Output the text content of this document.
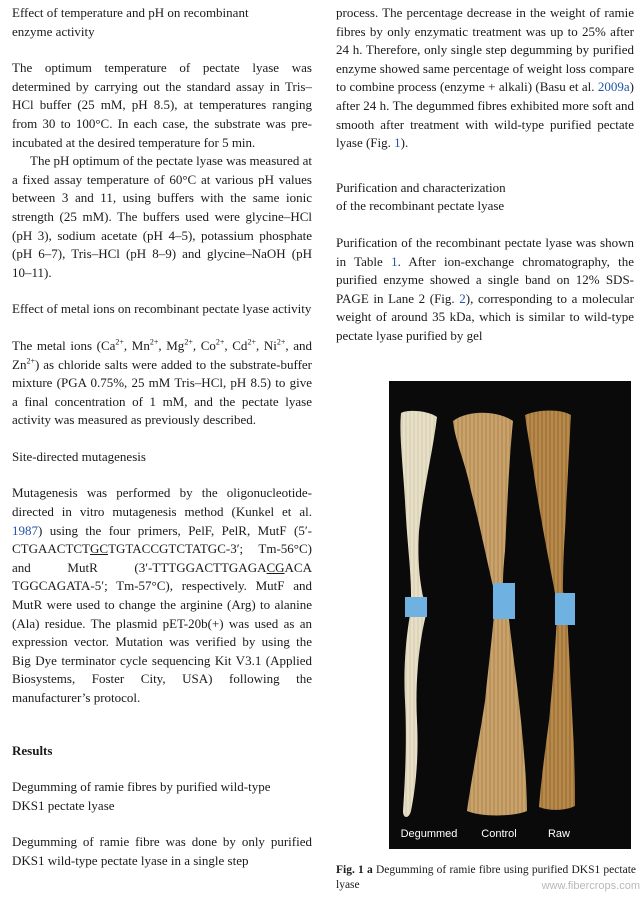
Effect of temperature and pH on recombinant enzyme activity

The optimum temperature of pectate lyase was determined by carrying out the standard assay in Tris–HCl buffer (25 mM, pH 8.5), at temperatures ranging from 30 to 100°C. In each case, the substrate was pre-incubated at the desired temperature for 5 min.

The pH optimum of the pectate lyase was measured at a fixed assay temperature of 60°C at various pH values between 3 and 11, using buffers with the same ionic strength (25 mM). The buffers used were glycine–HCl (pH 3), sodium acetate (pH 4–5), potassium phosphate (pH 6–7), Tris–HCl (pH 8–9) and glycine–NaOH (pH 10–11).

Effect of metal ions on recombinant pectate lyase activity

The metal ions ($Ca^{2+}$, $Mn^{2+}$, $Mg^{2+}$, $Co^{2+}$, $Cd^{2+}$, $Ni^{2+}$, and $Zn^{2+}$) as chloride salts were added to the substrate-buffer mixture (PGA 0.75%, 25 mM Tris–HCl, pH 8.5) to give a final concentration of 1 mM, and the pectate lyase activity was measured as previously described.

Site-directed mutagenesis

Mutagenesis was performed by the oligonucleotide-directed in vitro mutagenesis method (Kunkel et al. 1987) using the four primers, PelF, PelR, MutF (5′-CTGAACTCTGCTGTACCGTCTATGC-3′; Tm-56°C) and MutR (3′-TTTGGACTTGAGACGACA TGGCAGATA-5′; Tm-57°C), respectively. MutF and MutR were used to change the arginine (Arg) to alanine (Ala) residue. The plasmid pET-20b(+) was used as an expression vector. Mutation was verified by using the Big Dye terminator cycle sequencing Kit V3.1 (Applied Biosystems, Foster City, USA) following the manufacturer’s protocol.

Results

Degumming of ramie fibres by purified wild-type DKS1 pectate lyase

Degumming of ramie fibre was done by only purified DKS1 wild-type pectate lyase in a single step

process. The percentage decrease in the weight of ramie fibres by only enzymatic treatment was up to 25% after 24 h. Therefore, only single step degumming by purified enzyme showed same percentage of weight loss compare to combine process (enzyme + alkali) (Basu et al. 2009a) after 24 h. The degummed fibres exhibited more soft and smooth after treatment with wild-type purified pectate lyase (Fig. 1).

Purification and characterization
of the recombinant pectate lyase

Purification of the recombinant pectate lyase was shown in Table 1. After ion-exchange chromatography, the purified enzyme showed a single band on 12% SDS-PAGE in Lane 2 (Fig. 2), corresponding to a molecular weight of around 35 kDa, which is similar to wild-type pectate lyase purified by gel

Degummed Control	Raw

Fig. 1 a Degumming of ramie fibre using purified DKS1 pectate lyase	www.fibercrops.com
